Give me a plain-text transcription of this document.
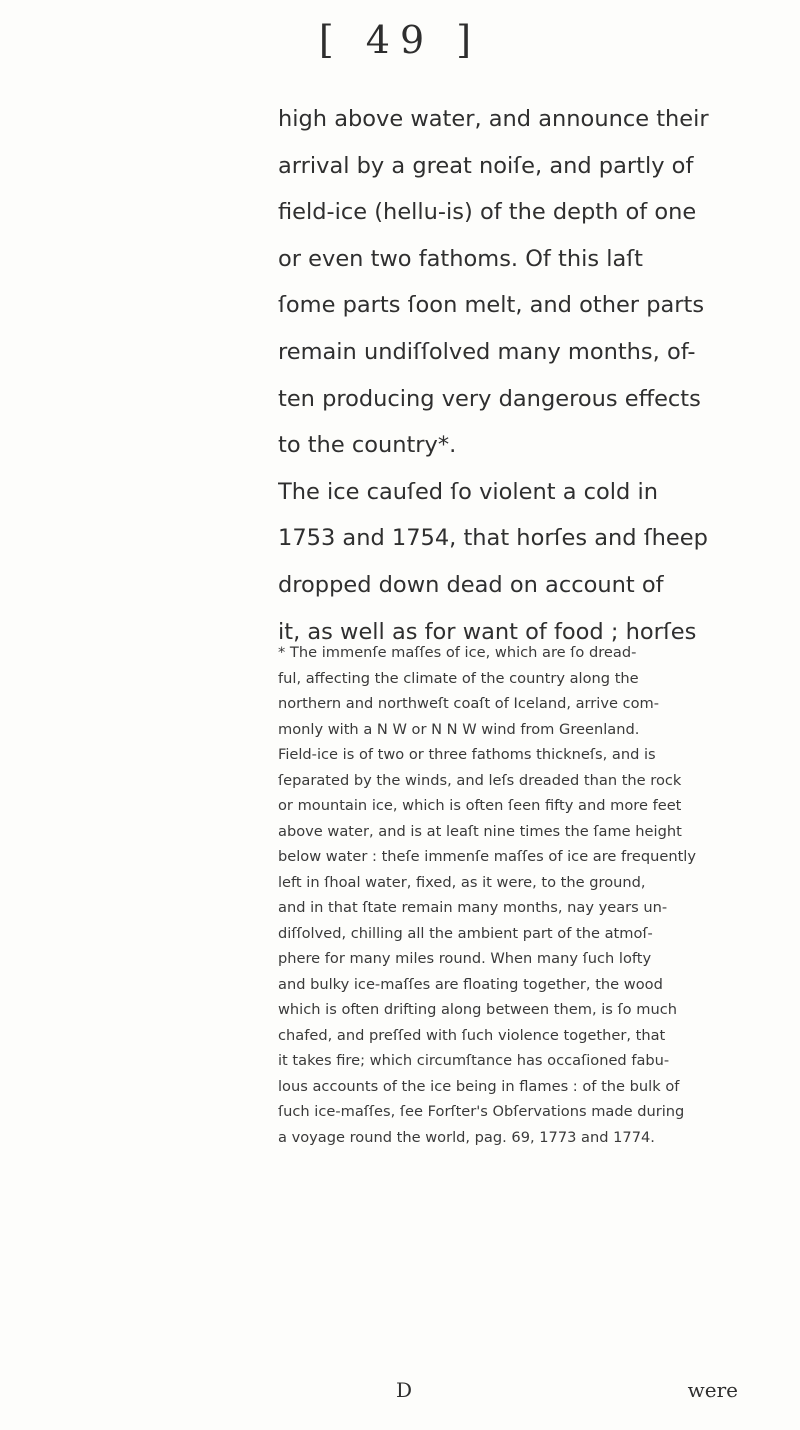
[ 49 ]
high above water, and announce their
arrival by a great noiſe, and partly of
field-ice (hellu-is) of the depth of one
or even two fathoms. Of this laſt
ſome parts ſoon melt, and other parts
remain undiſſolved many months, of-
ten producing very dangerous effects
to the country*.
The ice cauſed ſo violent a cold in
1753 and 1754, that horſes and ſheep
dropped down dead on account of
it, as well as for want of food ; horſes
* The immenſe maſſes of ice, which are ſo dread-
ful, affecting the climate of the country along the
northern and northweſt coaſt of Iceland, arrive com-
monly with a N W or N N W wind from Greenland.
Field-ice is of two or three fathoms thickneſs, and is
ſeparated by the winds, and leſs dreaded than the rock
or mountain ice, which is often ſeen fifty and more feet
above water, and is at leaſt nine times the ſame height
below water : theſe immenſe maſſes of ice are frequently
left in ſhoal water, fixed, as it were, to the ground,
and in that ſtate remain many months, nay years un-
diſſolved, chilling all the ambient part of the atmoſ-
phere for many miles round. When many ſuch lofty
and bulky ice-maſſes are floating together, the wood
which is often drifting along between them, is ſo much
chafed, and preſſed with ſuch violence together, that
it takes fire; which circumſtance has occaſioned fabu-
lous accounts of the ice being in flames : of the bulk of
ſuch ice-maſſes, ſee Forſter's Obſervations made during
a voyage round the world, pag. 69, 1773 and 1774.
D	were
